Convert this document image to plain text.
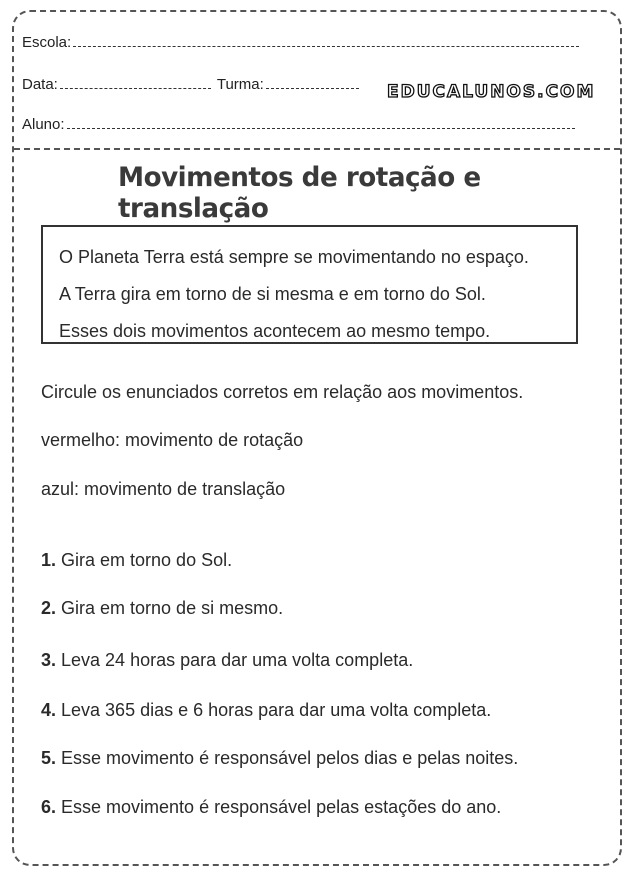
Escola:
Data:	Turma:	EDUCALUNOS.COM
Aluno:
Movimentos de rotação e translação

O Planeta Terra está sempre se movimentando no espaço.

A Terra gira em torno de si mesma e em torno do Sol.

Esses dois movimentos acontecem ao mesmo tempo.

Circule os enunciados corretos em relação aos movimentos.
vermelho: movimento de rotação
azul: movimento de translação
1. Gira em torno do Sol.
2. Gira em torno de si mesmo.
3. Leva 24 horas para dar uma volta completa.
4. Leva 365 dias e 6 horas para dar uma volta completa.
5. Esse movimento é responsável pelos dias e pelas noites.
6. Esse movimento é responsável pelas estações do ano.
